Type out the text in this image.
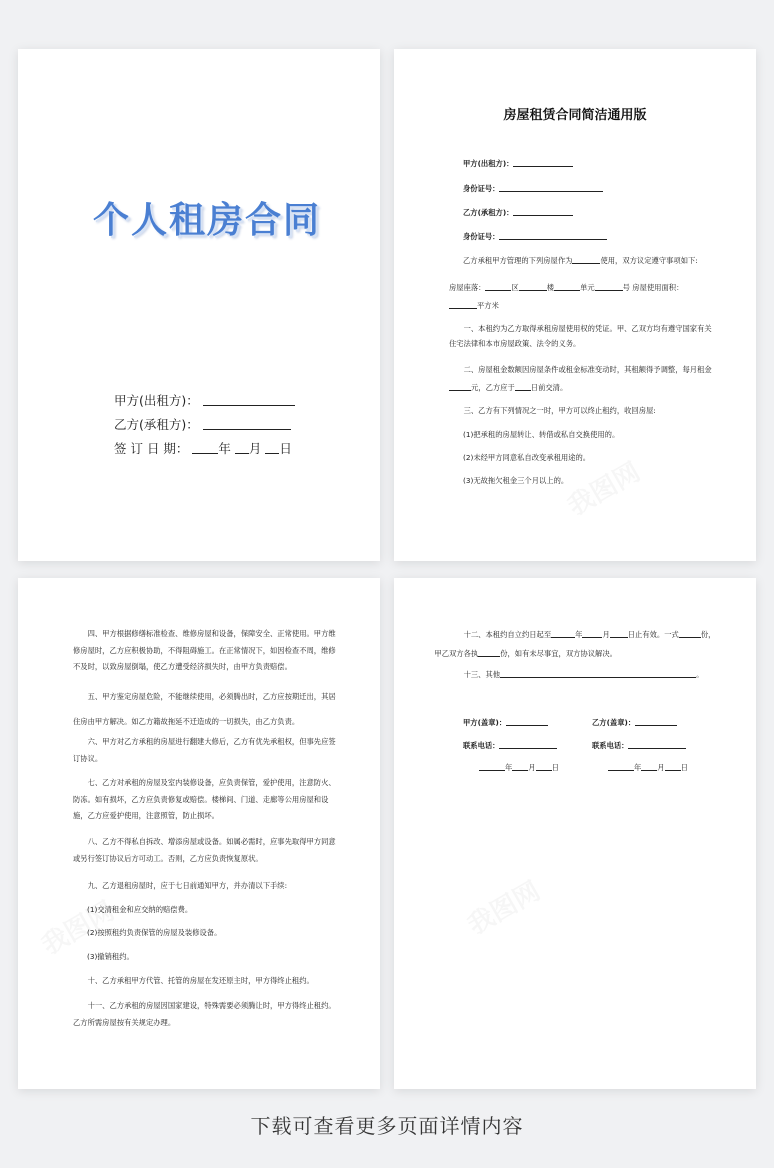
个人租房合同
甲方(出租方)：
乙方(承租方)：
签 订 日 期： 年 月 日
房屋租赁合同简洁通用版
甲方(出租方)：
身份证号：
乙方(承租方)：
身份证号：
乙方承租甲方管理的下列房屋作为	使用，双方议定遵守事项如下:
房屋座落：	区	楼	单元	号 房屋使用面积：
平方米
一、本租约为乙方取得承租房屋使用权的凭证。甲、乙双方均有遵守国家有关住宅法律和本市房屋政策、法令的义务。
二、房屋租金数额因房屋条件或租金标准变动时，其租额得予调整，每月租金元，乙方应于 日前交清。
三、乙方有下列情况之一时，甲方可以终止租约，收回房屋:
(1)把承租的房屋转让、转借或私自交换使用的。
(2)未经甲方同意私自改变承租用途的。
(3)无故拖欠租金三个月以上的。
四、甲方根据修缮标准检查、维修房屋和设备，保障安全、正常使用。甲方维修房屋时，乙方应积极协助，不得阻碍施工。在正常情况下，如因检查不周，维修不及时，以致房屋倒塌，使乙方遭受经济损失时，由甲方负责赔偿。
五、甲方鉴定房屋危险，不能继续使用，必须腾出时，乙方应按期迁出，其居住房由甲方解决。如乙方籍故拖延不迁造成的一切损失，由乙方负责。
六、甲方对乙方承租的房屋进行翻建大修后，乙方有优先承租权，但事先应签订协议。
七、乙方对承租的房屋及室内装修设备，应负责保管，爱护使用，注意防火、防冻。如有损坏，乙方应负责修复或赔偿。楼梯间、门道、走廊等公用房屋和设施，乙方应爱护使用，注意照管，防止损坏。
八、乙方不得私自拆改、增添房屋或设备。如属必需时，应事先取得甲方同意或另行签订协议后方可动工。否则，乙方应负责恢复原状。
九、乙方退租房屋时，应于七日前通知甲方，并办清以下手续:
(1)交清租金和应交纳的赔偿费。
(2)按照租约负责保管的房屋及装修设备。
(3)撤销租约。
十、乙方承租甲方代管、托管的房屋在发还原主时，甲方得终止租约。
十一、乙方承租的房屋因国家建设，特殊需要必须腾让时，甲方得终止租约。乙方所需房屋按有关规定办理。
十二、本租约自立约日起至	年	月 日止有效。一式	份，
甲乙双方各执	份，如有未尽事宜，双方协议解决。
十三、其他	。
甲方(盖章)：	乙方(盖章)：
联系电话：	联系电话：
年 月 日	年 月 日
下载可查看更多页面详情内容
